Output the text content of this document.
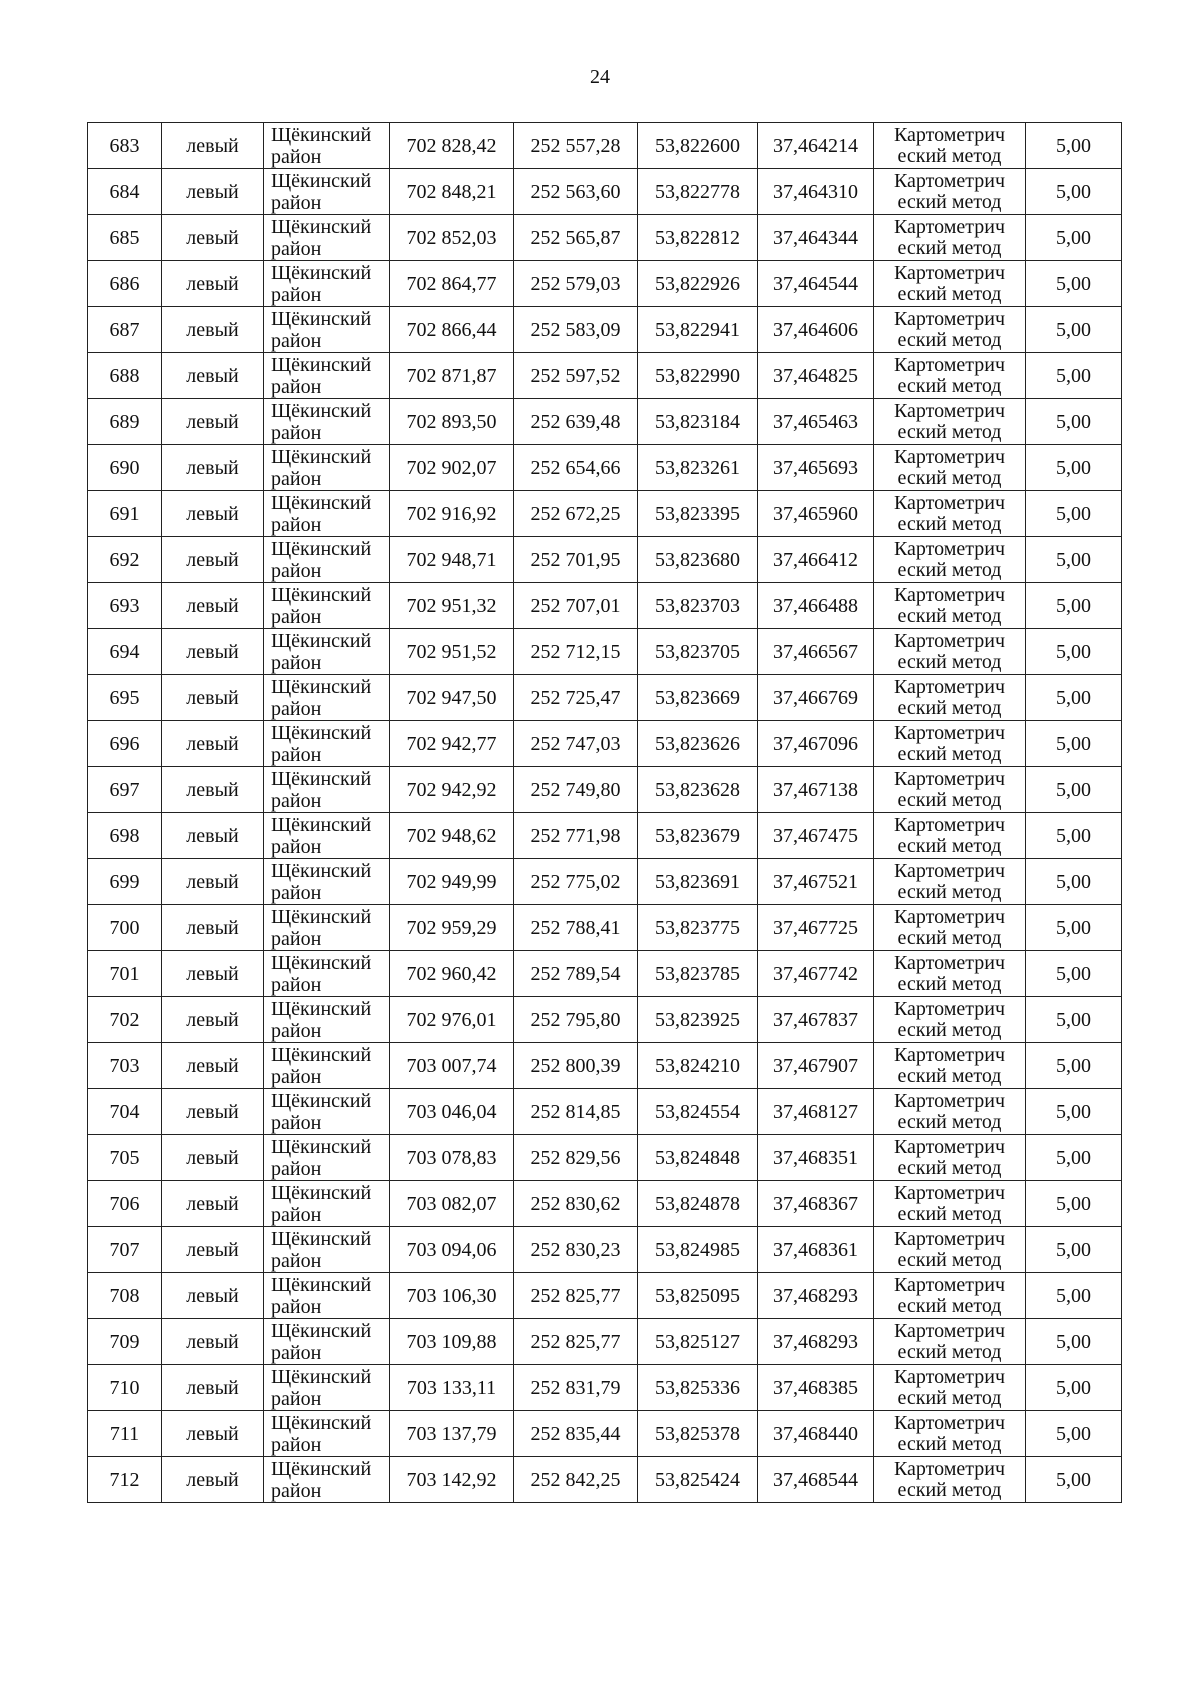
24
683	левый	Щёкинский район	702 828,42	252 557,28	53,822600	37,464214	Картометрич еский метод	5,00
684	левый	Щёкинский район	702 848,21	252 563,60	53,822778	37,464310	Картометрич еский метод	5,00
685	левый	Щёкинский район	702 852,03	252 565,87	53,822812	37,464344	Картометрич еский метод	5,00
686	левый	Щёкинский район	702 864,77	252 579,03	53,822926	37,464544	Картометрич еский метод	5,00
687	левый	Щёкинский район	702 866,44	252 583,09	53,822941	37,464606	Картометрич еский метод	5,00
688	левый	Щёкинский район	702 871,87	252 597,52	53,822990	37,464825	Картометрич еский метод	5,00
689	левый	Щёкинский район	702 893,50	252 639,48	53,823184	37,465463	Картометрич еский метод	5,00
690	левый	Щёкинский район	702 902,07	252 654,66	53,823261	37,465693	Картометрич еский метод	5,00
691	левый	Щёкинский район	702 916,92	252 672,25	53,823395	37,465960	Картометрич еский метод	5,00
692	левый	Щёкинский район	702 948,71	252 701,95	53,823680	37,466412	Картометрич еский метод	5,00
693	левый	Щёкинский район	702 951,32	252 707,01	53,823703	37,466488	Картометрич еский метод	5,00
694	левый	Щёкинский район	702 951,52	252 712,15	53,823705	37,466567	Картометрич еский метод	5,00
695	левый	Щёкинский район	702 947,50	252 725,47	53,823669	37,466769	Картометрич еский метод	5,00
696	левый	Щёкинский район	702 942,77	252 747,03	53,823626	37,467096	Картометрич еский метод	5,00
697	левый	Щёкинский район	702 942,92	252 749,80	53,823628	37,467138	Картометрич еский метод	5,00
698	левый	Щёкинский район	702 948,62	252 771,98	53,823679	37,467475	Картометрич еский метод	5,00
699	левый	Щёкинский район	702 949,99	252 775,02	53,823691	37,467521	Картометрич еский метод	5,00
700	левый	Щёкинский район	702 959,29	252 788,41	53,823775	37,467725	Картометрич еский метод	5,00
701	левый	Щёкинский район	702 960,42	252 789,54	53,823785	37,467742	Картометрич еский метод	5,00
702	левый	Щёкинский район	702 976,01	252 795,80	53,823925	37,467837	Картометрич еский метод	5,00
703	левый	Щёкинский район	703 007,74	252 800,39	53,824210	37,467907	Картометрич еский метод	5,00
704	левый	Щёкинский район	703 046,04	252 814,85	53,824554	37,468127	Картометрич еский метод	5,00
705	левый	Щёкинский район	703 078,83	252 829,56	53,824848	37,468351	Картометрич еский метод	5,00
706	левый	Щёкинский район	703 082,07	252 830,62	53,824878	37,468367	Картометрич еский метод	5,00
707	левый	Щёкинский район	703 094,06	252 830,23	53,824985	37,468361	Картометрич еский метод	5,00
708	левый	Щёкинский район	703 106,30	252 825,77	53,825095	37,468293	Картометрич еский метод	5,00
709	левый	Щёкинский район	703 109,88	252 825,77	53,825127	37,468293	Картометрич еский метод	5,00
710	левый	Щёкинский район	703 133,11	252 831,79	53,825336	37,468385	Картометрич еский метод	5,00
711	левый	Щёкинский район	703 137,79	252 835,44	53,825378	37,468440	Картометрич еский метод	5,00
712	левый	Щёкинский район	703 142,92	252 842,25	53,825424	37,468544	Картометрич еский метод	5,00
